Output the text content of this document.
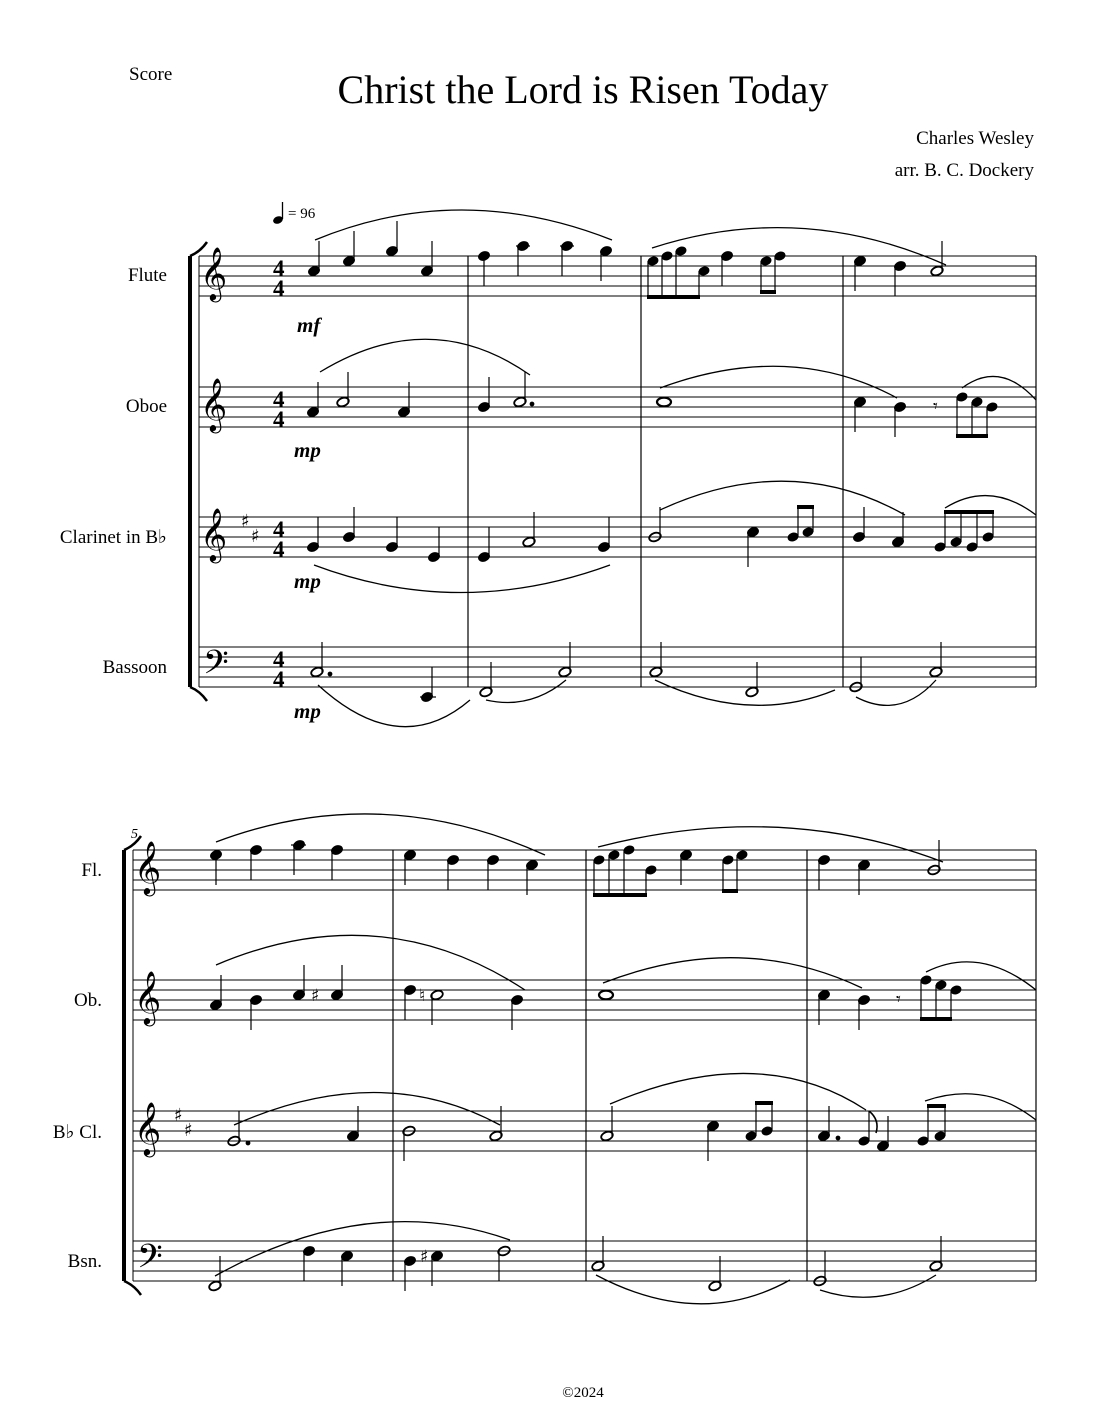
Score	Christ the Lord is Risen Today
Charles Wesley
arr. B. C. Dockery
= 96
Flute
Oboe
Clarinet in B♭
Bassoon
Fl.
Ob.
B♭ Cl.
Bsn.
©2024
𝄞
𝄞
𝄞
𝄢
♯
♯
4
4
4
4
4
4
4
4
mf
mp
mp
mp
𝄾
5
𝄞
𝄞
𝄞
𝄢
♯
♯
♯	♮	𝄾
♯
